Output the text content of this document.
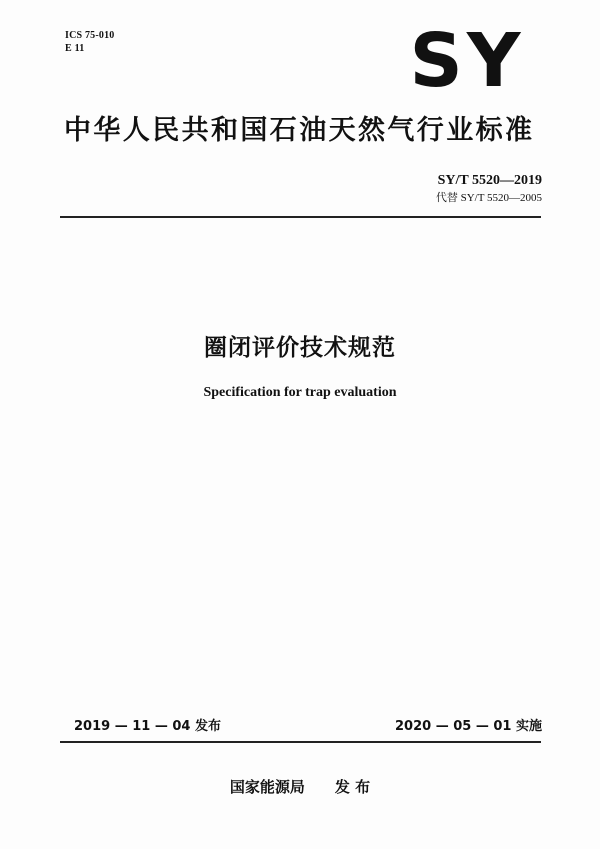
ICS 75-010
E 11	SY
中华人民共和国石油天然气行业标准
SY/T 5520—2019
代替 SY/T 5520—2005
圈闭评价技术规范
Specification for trap evaluation
2019 — 11 — 04 发布	2020 — 05 — 01 实施
国家能源局 发 布
